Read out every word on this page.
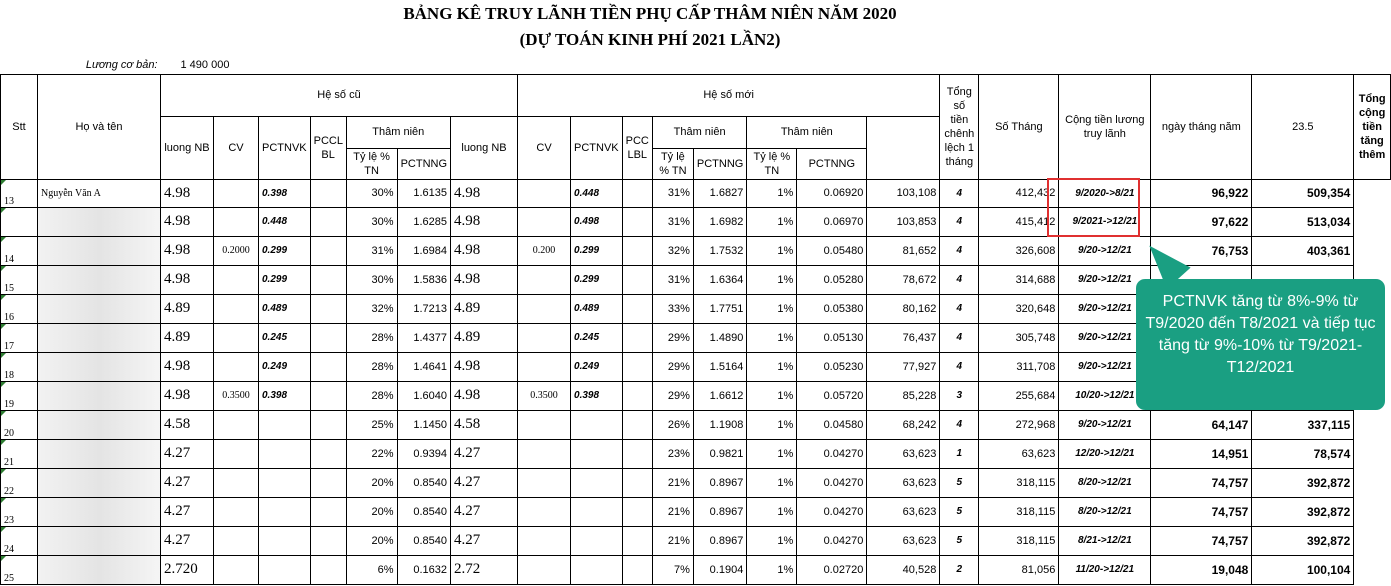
BẢNG KÊ TRUY LÃNH TIỀN PHỤ CẤP THÂM NIÊN NĂM 2020
(DỰ TOÁN KINH PHÍ 2021 LẦN2)
	Lương cơ bản:	1 490 000																				
Stt	Họ và tên	Hệ số cũ							Hệ số mới								Tổng số tiền chênh lệch 1 tháng	Số Tháng	Cộng tiền lương truy lãnh	ngày tháng năm	23.5	Tổng cộng tiền tăng thêm
		luong NB	CV	PCTNVK	PCCL BL	Thâm niên		luong NB	CV	PCTNVK	PCC LBL	Thâm niên		Thâm niên								
						Tỷ lệ % TN	PCTNNG					Tỷ lệ % TN	PCTNNG	Tỷ lệ % TN	PCTNNG							
13	Nguyễn Văn A	4.98		0.398		30%	1.6135	4.98		0.448		31%	1.6827	1%	0.06920	103,108	4	412,432	9/2020->8/21	96,922	509,354	
		4.98		0.448		30%	1.6285	4.98		0.498		31%	1.6982	1%	0.06970	103,853	4	415,412	9/2021->12/21	97,622	513,034	
14		4.98	0.2000	0.299		31%	1.6984	4.98	0.200	0.299		32%	1.7532	1%	0.05480	81,652	4	326,608	9/20->12/21	76,753	403,361	
15		4.98		0.299		30%	1.5836	4.98		0.299		31%	1.6364	1%	0.05280	78,672	4	314,688	9/20->12/21			
16		4.89		0.489		32%	1.7213	4.89		0.489		33%	1.7751	1%	0.05380	80,162	4	320,648	9/20->12/21			
17		4.89		0.245		28%	1.4377	4.89		0.245		29%	1.4890	1%	0.05130	76,437	4	305,748	9/20->12/21			
18		4.98		0.249		28%	1.4641	4.98		0.249		29%	1.5164	1%	0.05230	77,927	4	311,708	9/20->12/21			
19		4.98	0.3500	0.398		28%	1.6040	4.98	0.3500	0.398		29%	1.6612	1%	0.05720	85,228	3	255,684	10/20->12/21			
20		4.58				25%	1.1450	4.58				26%	1.1908	1%	0.04580	68,242	4	272,968	9/20->12/21	64,147	337,115	
21		4.27				22%	0.9394	4.27				23%	0.9821	1%	0.04270	63,623	1	63,623	12/20->12/21	14,951	78,574	
22		4.27				20%	0.8540	4.27				21%	0.8967	1%	0.04270	63,623	5	318,115	8/20->12/21	74,757	392,872	
23		4.27				20%	0.8540	4.27				21%	0.8967	1%	0.04270	63,623	5	318,115	8/20->12/21	74,757	392,872	
24		4.27				20%	0.8540	4.27				21%	0.8967	1%	0.04270	63,623	5	318,115	8/21->12/21	74,757	392,872	
25		2.720				6%	0.1632	2.72				7%	0.1904	1%	0.02720	40,528	2	81,056	11/20->12/21	19,048	100,104	
PCTNVK tăng từ 8%-9% từ T9/2020 đến T8/2021 và tiếp tục tăng từ 9%-10% từ T9/2021-T12/2021
